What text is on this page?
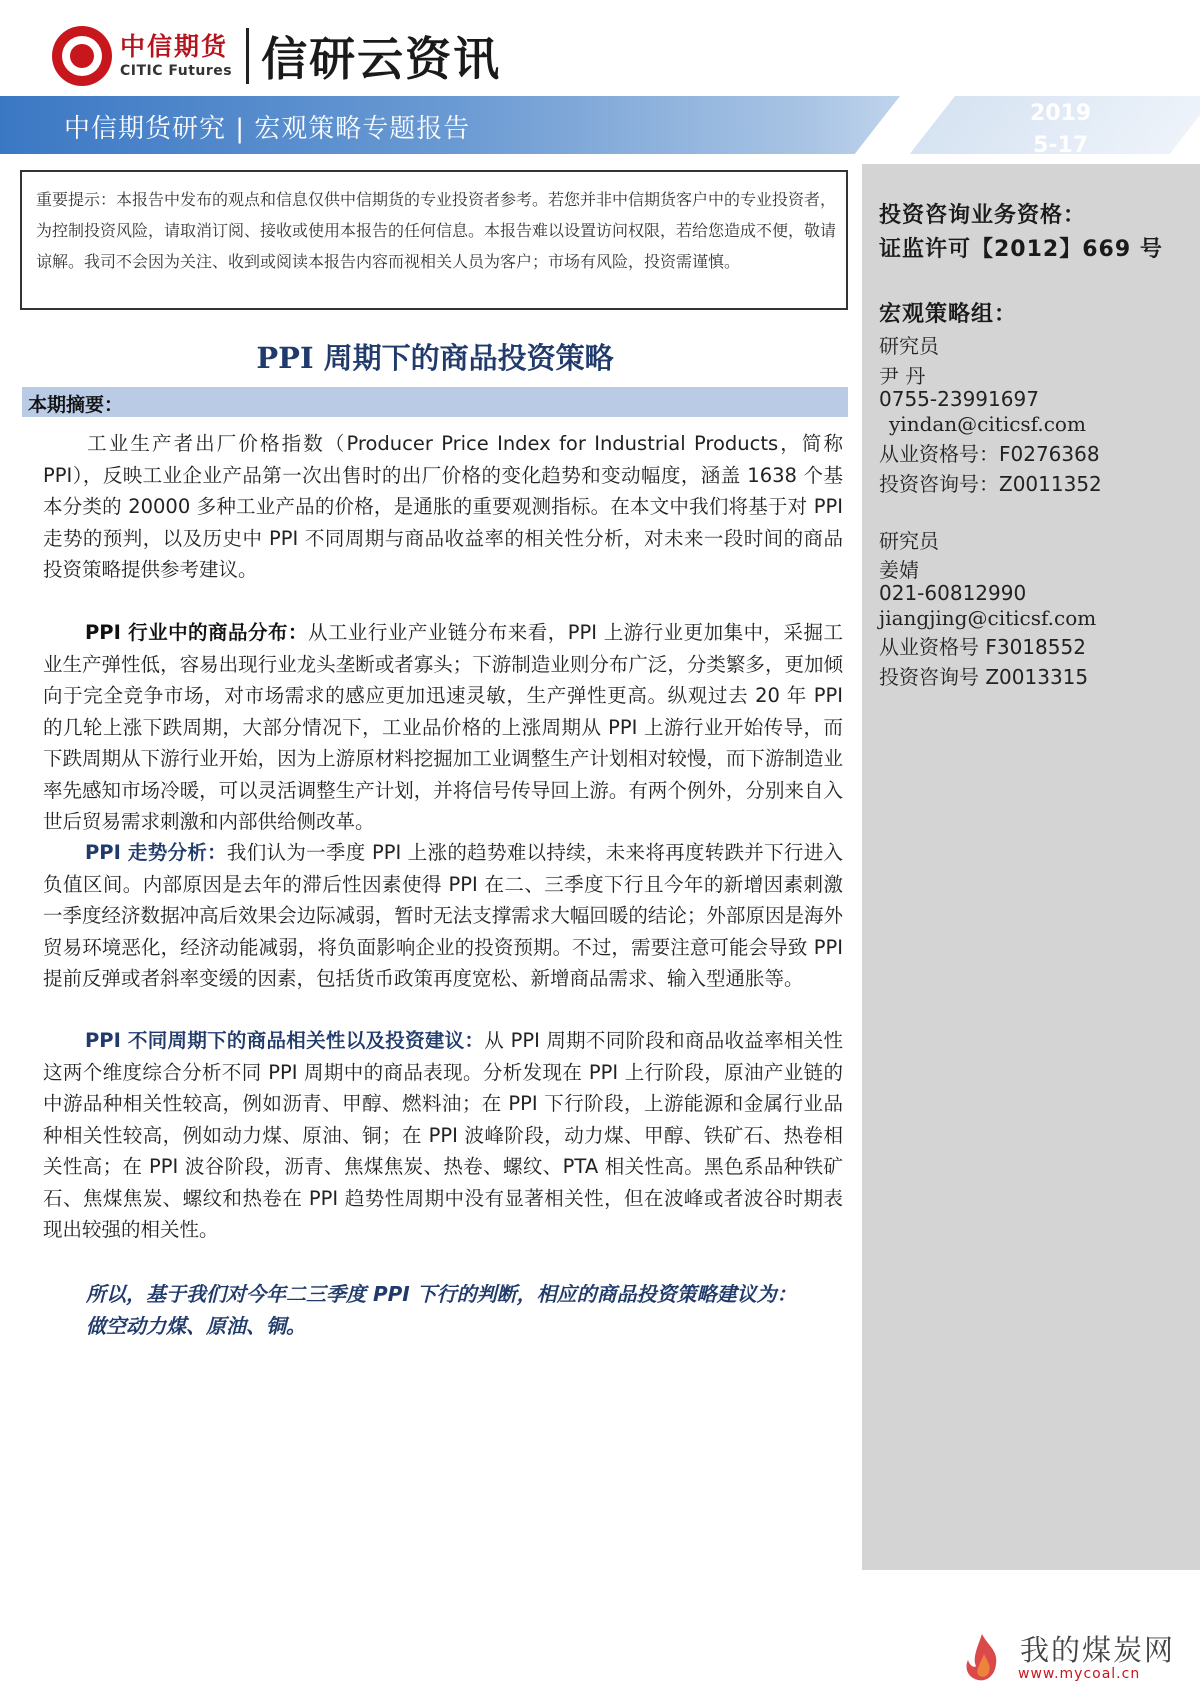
中信期货
CITIC Futures 信研云资讯
中信期货研究 | 宏观策略专题报告
2019
5-17
投资咨询业务资格：
证监许可【2012】669 号
宏观策略组：
研究员
尹 丹
0755-23991697
yindan@citicsf.com
从业资格号：F0276368
投资咨询号：Z0011352
研究员
姜婧
021-60812990
jiangjing@citicsf.com
从业资格号 F3018552
投资咨询号 Z0013315
重要提示：本报告中发布的观点和信息仅供中信期货的专业投资者参考。若您并非中信期货客户中的专业投资者，为控制投资风险，请取消订阅、接收或使用本报告的任何信息。本报告难以设置访问权限，若给您造成不便，敬请谅解。我司不会因为关注、收到或阅读本报告内容而视相关人员为客户；市场有风险，投资需谨慎。
PPI 周期下的商品投资策略
本期摘要：
工业生产者出厂价格指数（Producer Price Index for Industrial Products，简称 PPI），反映工业企业产品第一次出售时的出厂价格的变化趋势和变动幅度，涵盖 1638 个基本分类的 20000 多种工业产品的价格，是通胀的重要观测指标。在本文中我们将基于对 PPI 走势的预判，以及历史中 PPI 不同周期与商品收益率的相关性分析，对未来一段时间的商品投资策略提供参考建议。
PPI 行业中的商品分布：从工业行业产业链分布来看，PPI 上游行业更加集中，采掘工业生产弹性低，容易出现行业龙头垄断或者寡头；下游制造业则分布广泛，分类繁多，更加倾向于完全竞争市场，对市场需求的感应更加迅速灵敏，生产弹性更高。纵观过去 20 年 PPI 的几轮上涨下跌周期，大部分情况下，工业品价格的上涨周期从 PPI 上游行业开始传导，而下跌周期从下游行业开始，因为上游原材料挖掘加工业调整生产计划相对较慢，而下游制造业率先感知市场冷暖，可以灵活调整生产计划，并将信号传导回上游。有两个例外，分别来自入世后贸易需求刺激和内部供给侧改革。
PPI 走势分析：我们认为一季度 PPI 上涨的趋势难以持续，未来将再度转跌并下行进入负值区间。内部原因是去年的滞后性因素使得 PPI 在二、三季度下行且今年的新增因素刺激一季度经济数据冲高后效果会边际减弱，暂时无法支撑需求大幅回暖的结论；外部原因是海外贸易环境恶化，经济动能减弱，将负面影响企业的投资预期。不过，需要注意可能会导致 PPI 提前反弹或者斜率变缓的因素，包括货币政策再度宽松、新增商品需求、输入型通胀等。
PPI 不同周期下的商品相关性以及投资建议：从 PPI 周期不同阶段和商品收益率相关性这两个维度综合分析不同 PPI 周期中的商品表现。分析发现在 PPI 上行阶段，原油产业链的中游品种相关性较高，例如沥青、甲醇、燃料油；在 PPI 下行阶段，上游能源和金属行业品种相关性较高，例如动力煤、原油、铜；在 PPI 波峰阶段，动力煤、甲醇、铁矿石、热卷相关性高；在 PPI 波谷阶段，沥青、焦煤焦炭、热卷、螺纹、PTA 相关性高。黑色系品种铁矿石、焦煤焦炭、螺纹和热卷在 PPI 趋势性周期中没有显著相关性，但在波峰或者波谷时期表现出较强的相关性。
所以，基于我们对今年二三季度 PPI 下行的判断，相应的商品投资策略建议为：
做空动力煤、原油、铜。
我的煤炭网
www.mycoal.cn
